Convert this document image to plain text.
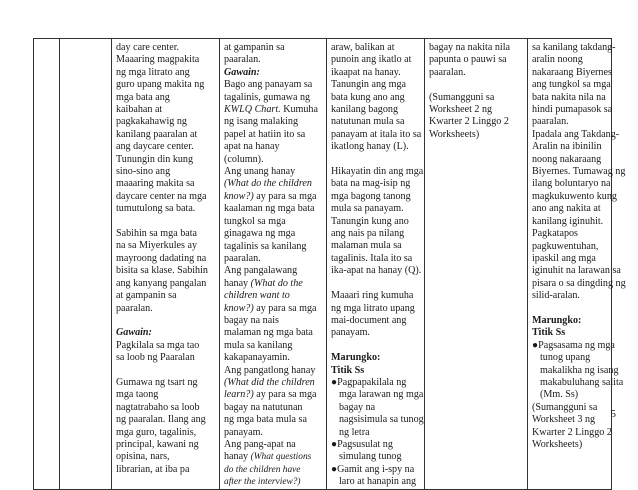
day care center.
Maaaring magpakita
ng mga litrato ang
guro upang makita ng
mga bata ang
kaibahan at
pagkakahawig ng
kanilang paaralan at
ang daycare center.
Tunungin din kung
sino-sino ang
maaaring makita sa
daycare center na mga
tumutulong sa bata.
Sabihin sa mga bata
na sa Miyerkules ay
mayroong dadating na
bisita sa klase. Sabihin
ang kanyang pangalan
at gampanin sa
paaralan.
Gawain:
Pagkilala sa mga tao
sa loob ng Paaralan
Gumawa ng tsart ng
mga taong
nagtatrabaho sa loob
ng paaralan. Ilang ang
mga guro, tagalinis,
principal, kawani ng
opisina, nars,
librarian, at iba pa

at gampanin sa
paaralan.
Gawain:
Bago ang panayam sa
tagalinis, gumawa ng
KWLQ Chart. Kumuha
ng isang malaking
papel at hatiin ito sa
apat na hanay
(column).
Ang unang hanay
(What do the children
know?) ay para sa mga
kaalaman ng mga bata
tungkol sa mga
ginagawa ng mga
tagalinis sa kanilang
paaralan.
Ang pangalawang
hanay (What do the
children want to
know?) ay para sa mga
bagay na nais
malaman ng mga bata
mula sa kanilang
kakapanayamin.
Ang pangatlong hanay
(What did the children
learn?) ay para sa mga
bagay na natutunan
ng mga bata mula sa
panayam.
Ang pang-apat na
hanay (What questions
do the children have
after the interview?)

araw, balikan at
punoin ang ikatlo at
ikaapat na hanay.
Tanungin ang mga
bata kung ano ang
kanilang bagong
natutunan mula sa
panayam at itala ito sa
ikatlong hanay (L).
Hikayatin din ang mga
bata na mag-isip ng
mga bagong tanong
mula sa panayam.
Tanungin kung ano
ang nais pa nilang
malaman mula sa
tagalinis. Itala ito sa
ika-apat na hanay (Q).
Maaari ring kumuha
ng mga litrato upang
mai-document ang
panayam.
Marungko:
Titik Ss
●Pagpapakilala ng
mga larawan ng mga
bagay na
nagsisimula sa tunog
ng letra
●Pagsusulat ng
simulang tunog
●Gamit ang i-spy na
laro at hanapin ang

bagay na nakita nila
papunta o pauwi sa
paaralan.
(Sumangguni sa
Worksheet 2 ng
Kwarter 2 Linggo 2
Worksheets)

sa kanilang takdang-
aralin noong
nakaraang Biyernes
ang tungkol sa mga
bata nakita nila na
hindi pumapasok sa
paaralan.
Ipadala ang Takdang-
Aralin na ibinilin
noong nakaraang
Biyernes. Tumawag ng
ilang boluntaryo na
magkukuwento kung
ano ang nakita at
kanilang iginuhit.
Pagkatapos
pagkuwentuhan,
ipaskil ang mga
iginuhit na larawan sa
pisara o sa dingding ng
silid-aralan.
Marungko:
Titik Ss
●Pagsasama ng mga
tunog upang
makalikha ng isang
makabuluhang salita
(Mm. Ss)
(Sumangguni sa
Worksheet 3 ng
Kwarter 2 Linggo 2
Worksheets)
5
